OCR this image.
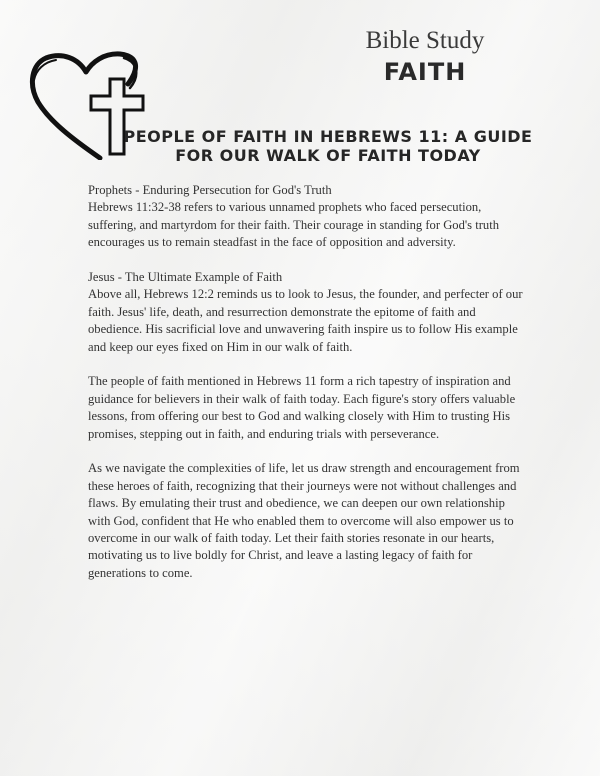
Bible Study
FAITH
PEOPLE OF FAITH IN HEBREWS 11: A GUIDE FOR OUR WALK OF FAITH TODAY

Prophets - Enduring Persecution for God's Truth

Hebrews 11:32-38 refers to various unnamed prophets who faced persecution, suffering, and martyrdom for their faith. Their courage in standing for God's truth encourages us to remain steadfast in the face of opposition and adversity.

Jesus - The Ultimate Example of Faith

Above all, Hebrews 12:2 reminds us to look to Jesus, the founder, and perfecter of our faith. Jesus' life, death, and resurrection demonstrate the epitome of faith and obedience. His sacrificial love and unwavering faith inspire us to follow His example and keep our eyes fixed on Him in our walk of faith.

The people of faith mentioned in Hebrews 11 form a rich tapestry of inspiration and guidance for believers in their walk of faith today. Each figure's story offers valuable lessons, from offering our best to God and walking closely with Him to trusting His promises, stepping out in faith, and enduring trials with perseverance.

As we navigate the complexities of life, let us draw strength and encouragement from these heroes of faith, recognizing that their journeys were not without challenges and flaws. By emulating their trust and obedience, we can deepen our own relationship with God, confident that He who enabled them to overcome will also empower us to overcome in our walk of faith today. Let their faith stories resonate in our hearts, motivating us to live boldly for Christ, and leave a lasting legacy of faith for generations to come.
